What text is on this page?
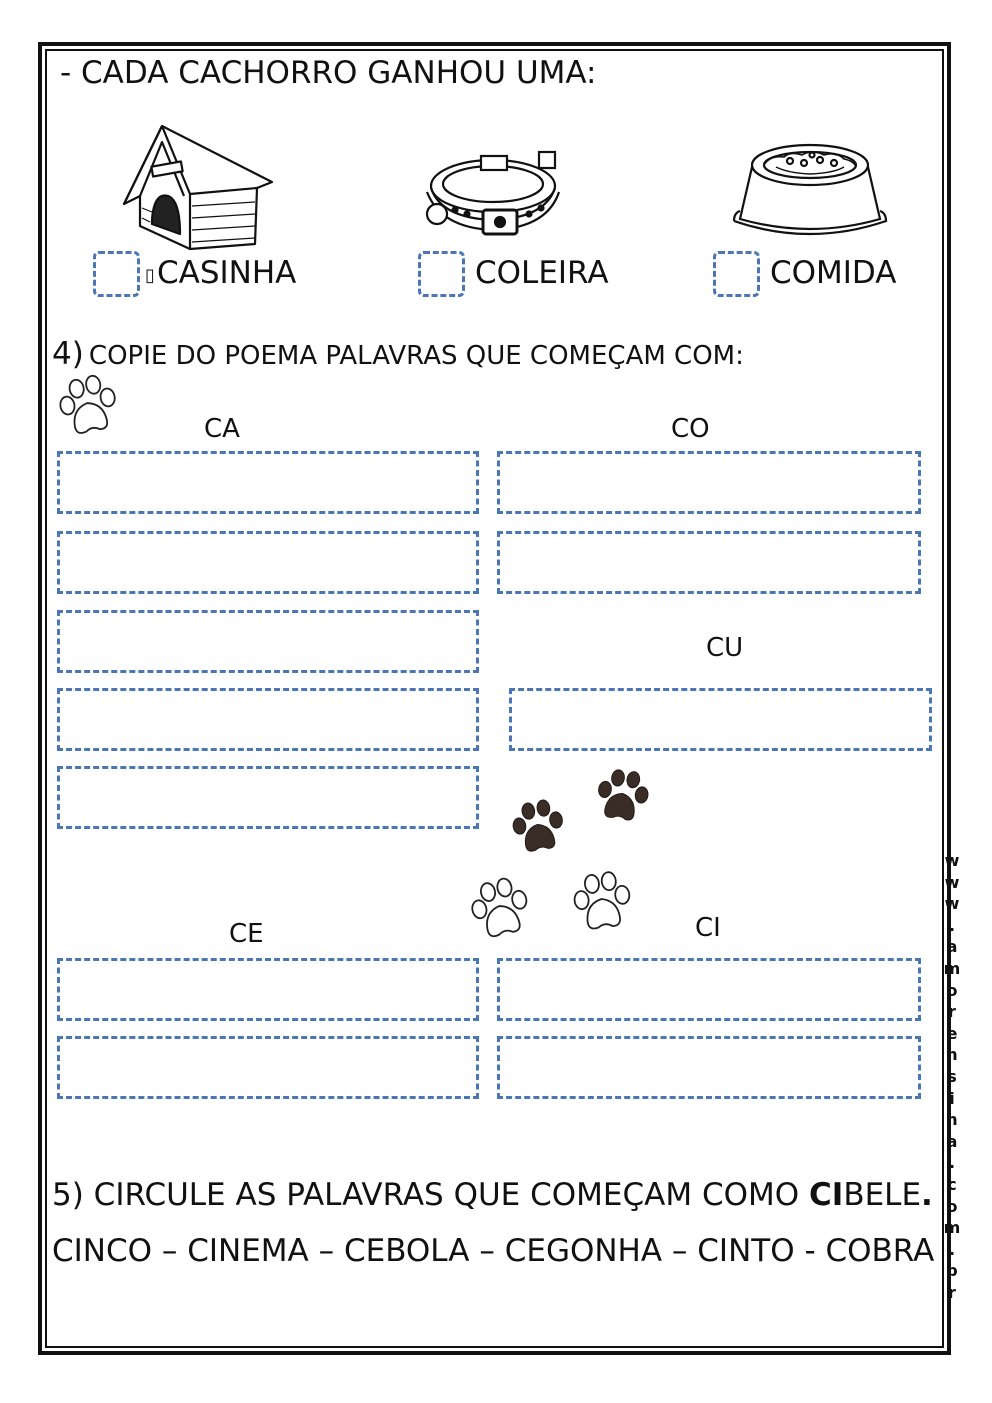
- CADA CACHORRO GANHOU UMA:
▯ CASINHA	COLEIRA	COMIDA
4) COPIE DO POEMA PALAVRAS QUE COMEÇAM COM:
CA	CO
CU
CE	CI
5) CIRCULE AS PALAVRAS QUE COMEÇAM COMO CIBELE.
CINCO – CINEMA – CEBOLA – CEGONHA – CINTO - COBRA
w
w
w
.
a
m
o
r
e
n
s
i
n
a
.
c
o
m
.
b
r
